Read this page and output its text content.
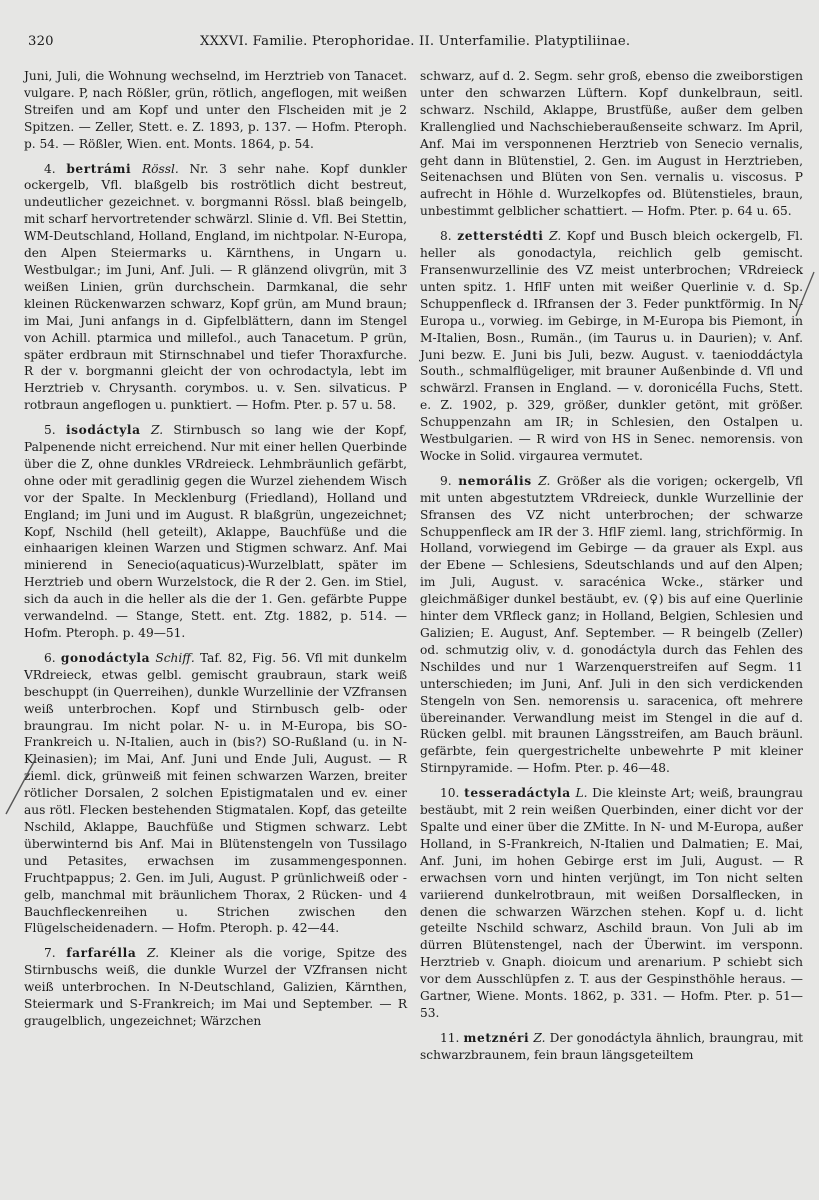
320	XXXVI. Familie. Pterophoridae. II. Unterfamilie. Platyptiliinae.

Juni, Juli, die Wohnung wechselnd, im Herztrieb von Tanacet. vulgare. P, nach Rößler, grün, rötlich, angeflogen, mit weißen Streifen und am Kopf und unter den Flscheiden mit je 2 Spitzen. — Zeller, Stett. e. Z. 1893, p. 137. — Hofm. Pteroph. p. 54. — Rößler, Wien. ent. Monts. 1864, p. 54.

4. bertrámi Rössl. Nr. 3 sehr nahe. Kopf dunkler ockergelb, Vfl. blaßgelb bis roströtlich dicht bestreut, undeutlicher gezeichnet. v. borgmanni Rössl. blaß beingelb, mit scharf hervortretender schwärzl. Slinie d. Vfl. Bei Stettin, WM-Deutschland, Holland, England, im nichtpolar. N-Europa, den Alpen Steiermarks u. Kärnthens, in Ungarn u. Westbulgar.; im Juni, Anf. Juli. — R glänzend olivgrün, mit 3 weißen Linien, grün durchschein. Darmkanal, die sehr kleinen Rückenwarzen schwarz, Kopf grün, am Mund braun; im Mai, Juni anfangs in d. Gipfelblättern, dann im Stengel von Achill. ptarmica und millefol., auch Tanacetum. P grün, später erdbraun mit Stirnschnabel und tiefer Thoraxfurche. R der v. borgmanni gleicht der von ochrodactyla, lebt im Herztrieb v. Chrysanth. corymbos. u. v. Sen. silvaticus. P rotbraun angeflogen u. punktiert. — Hofm. Pter. p. 57 u. 58.

5. isodáctyla Z. Stirnbusch so lang wie der Kopf, Palpenende nicht erreichend. Nur mit einer hellen Querbinde über die Z, ohne dunkles VRdreieck. Lehmbräunlich gefärbt, ohne oder mit geradlinig gegen die Wurzel ziehendem Wisch vor der Spalte. In Mecklenburg (Friedland), Holland und England; im Juni und im August. R blaßgrün, ungezeichnet; Kopf, Nschild (hell geteilt), Aklappe, Bauchfüße und die einhaarigen kleinen Warzen und Stigmen schwarz. Anf. Mai minierend in Senecio(aquaticus)-Wurzelblatt, später im Herztrieb und obern Wurzelstock, die R der 2. Gen. im Stiel, sich da auch in die heller als die der 1. Gen. gefärbte Puppe verwandelnd. — Stange, Stett. ent. Ztg. 1882, p. 514. — Hofm. Pteroph. p. 49—51.

6. gonodáctyla Schiff. Taf. 82, Fig. 56. Vfl mit dunkelm VRdreieck, etwas gelbl. gemischt graubraun, stark weiß beschuppt (in Querreihen), dunkle Wurzellinie der VZfransen weiß unterbrochen. Kopf und Stirnbusch gelb- oder braungrau. Im nicht polar. N- u. in M-Europa, bis SO-Frankreich u. N-Italien, auch in (bis?) SO-Rußland (u. in N-Kleinasien); im Mai, Anf. Juni und Ende Juli, August. — R zieml. dick, grünweiß mit feinen schwarzen Warzen, breiter rötlicher Dorsalen, 2 solchen Epistigmatalen und ev. einer aus rötl. Flecken bestehenden Stigmatalen. Kopf, das geteilte Nschild, Aklappe, Bauchfüße und Stigmen schwarz. Lebt überwinternd bis Anf. Mai in Blütenstengeln von Tussilago und Petasites, erwachsen im zusammengesponnen. Fruchtpappus; 2. Gen. im Juli, August. P grünlichweiß oder -gelb, manchmal mit bräunlichem Thorax, 2 Rücken- und 4 Bauchfleckenreihen u. Strichen zwischen den Flügelscheidenadern. — Hofm. Pteroph. p. 42—44.

7. farfarélla Z. Kleiner als die vorige, Spitze des Stirnbuschs weiß, die dunkle Wurzel der VZfransen nicht weiß unterbrochen. In N-Deutschland, Galizien, Kärnthen, Steiermark und S-Frankreich; im Mai und September. — R graugelblich, ungezeichnet; Wärzchen

schwarz, auf d. 2. Segm. sehr groß, ebenso die zweiborstigen unter den schwarzen Lüftern. Kopf dunkelbraun, seitl. schwarz. Nschild, Aklappe, Brustfüße, außer dem gelben Krallenglied und Nachschieberaußenseite schwarz. Im April, Anf. Mai im versponnenen Herztrieb von Senecio vernalis, geht dann in Blütenstiel, 2. Gen. im August in Herztrieben, Seitenachsen und Blüten von Sen. vernalis u. viscosus. P aufrecht in Höhle d. Wurzelkopfes od. Blütenstieles, braun, unbestimmt gelblicher schattiert. — Hofm. Pter. p. 64 u. 65.

8. zetterstédti Z. Kopf und Busch bleich ockergelb, Fl. heller als gonodactyla, reichlich gelb gemischt. Fransenwurzellinie des VZ meist unterbrochen; VRdreieck unten spitz. 1. HflF unten mit weißer Querlinie v. d. Sp. Schuppenfleck d. IRfransen der 3. Feder punktförmig. In N-Europa u., vorwieg. im Gebirge, in M-Europa bis Piemont, in M-Italien, Bosn., Rumän., (im Taurus u. in Daurien); v. Anf. Juni bezw. E. Juni bis Juli, bezw. August. v. taenioddáctyla South., schmalflügeliger, mit brauner Außenbinde d. Vfl und schwärzl. Fransen in England. — v. doronicélla Fuchs, Stett. e. Z. 1902, p. 329, größer, dunkler getönt, mit größer. Schuppenzahn am IR; in Schlesien, den Ostalpen u. Westbulgarien. — R wird von HS in Senec. nemorensis. von Wocke in Solid. virgaurea vermutet.

9. nemorális Z. Größer als die vorigen; ockergelb, Vfl mit unten abgestutztem VRdreieck, dunkle Wurzellinie der Sfransen des VZ nicht unterbrochen; der schwarze Schuppenfleck am IR der 3. HflF zieml. lang, strichförmig. In Holland, vorwiegend im Gebirge — da grauer als Expl. aus der Ebene — Schlesiens, Sdeutschlands und auf den Alpen; im Juli, August. v. saracénica Wcke., stärker und gleichmäßiger dunkel bestäubt, ev. (♀) bis auf eine Querlinie hinter dem VRfleck ganz; in Holland, Belgien, Schlesien und Galizien; E. August, Anf. September. — R beingelb (Zeller) od. schmutzig oliv, v. d. gonodáctyla durch das Fehlen des Nschildes und nur 1 Warzenquerstreifen auf Segm. 11 unterschieden; im Juni, Anf. Juli in den sich verdickenden Stengeln von Sen. nemorensis u. saracenica, oft mehrere übereinander. Verwandlung meist im Stengel in die auf d. Rücken gelbl. mit braunen Längsstreifen, am Bauch bräunl. gefärbte, fein quergestrichelte unbewehrte P mit kleiner Stirnpyramide. — Hofm. Pter. p. 46—48.

10. tesseradáctyla L. Die kleinste Art; weiß, braungrau bestäubt, mit 2 rein weißen Querbinden, einer dicht vor der Spalte und einer über die ZMitte. In N- und M-Europa, außer Holland, in S-Frankreich, N-Italien und Dalmatien; E. Mai, Anf. Juni, im hohen Gebirge erst im Juli, August. — R erwachsen vorn und hinten verjüngt, im Ton nicht selten variierend dunkelrotbraun, mit weißen Dorsalflecken, in denen die schwarzen Wärzchen stehen. Kopf u. d. licht geteilte Nschild schwarz, Aschild braun. Von Juli ab im dürren Blütenstengel, nach der Überwint. im versponn. Herztrieb v. Gnaph. dioicum und arenarium. P schiebt sich vor dem Ausschlüpfen z. T. aus der Gespinsthöhle heraus. — Gartner, Wiene. Monts. 1862, p. 331. — Hofm. Pter. p. 51—53.

11. metznéri Z. Der gonodáctyla ähnlich, braungrau, mit schwarzbraunem, fein braun längsgeteiltem
